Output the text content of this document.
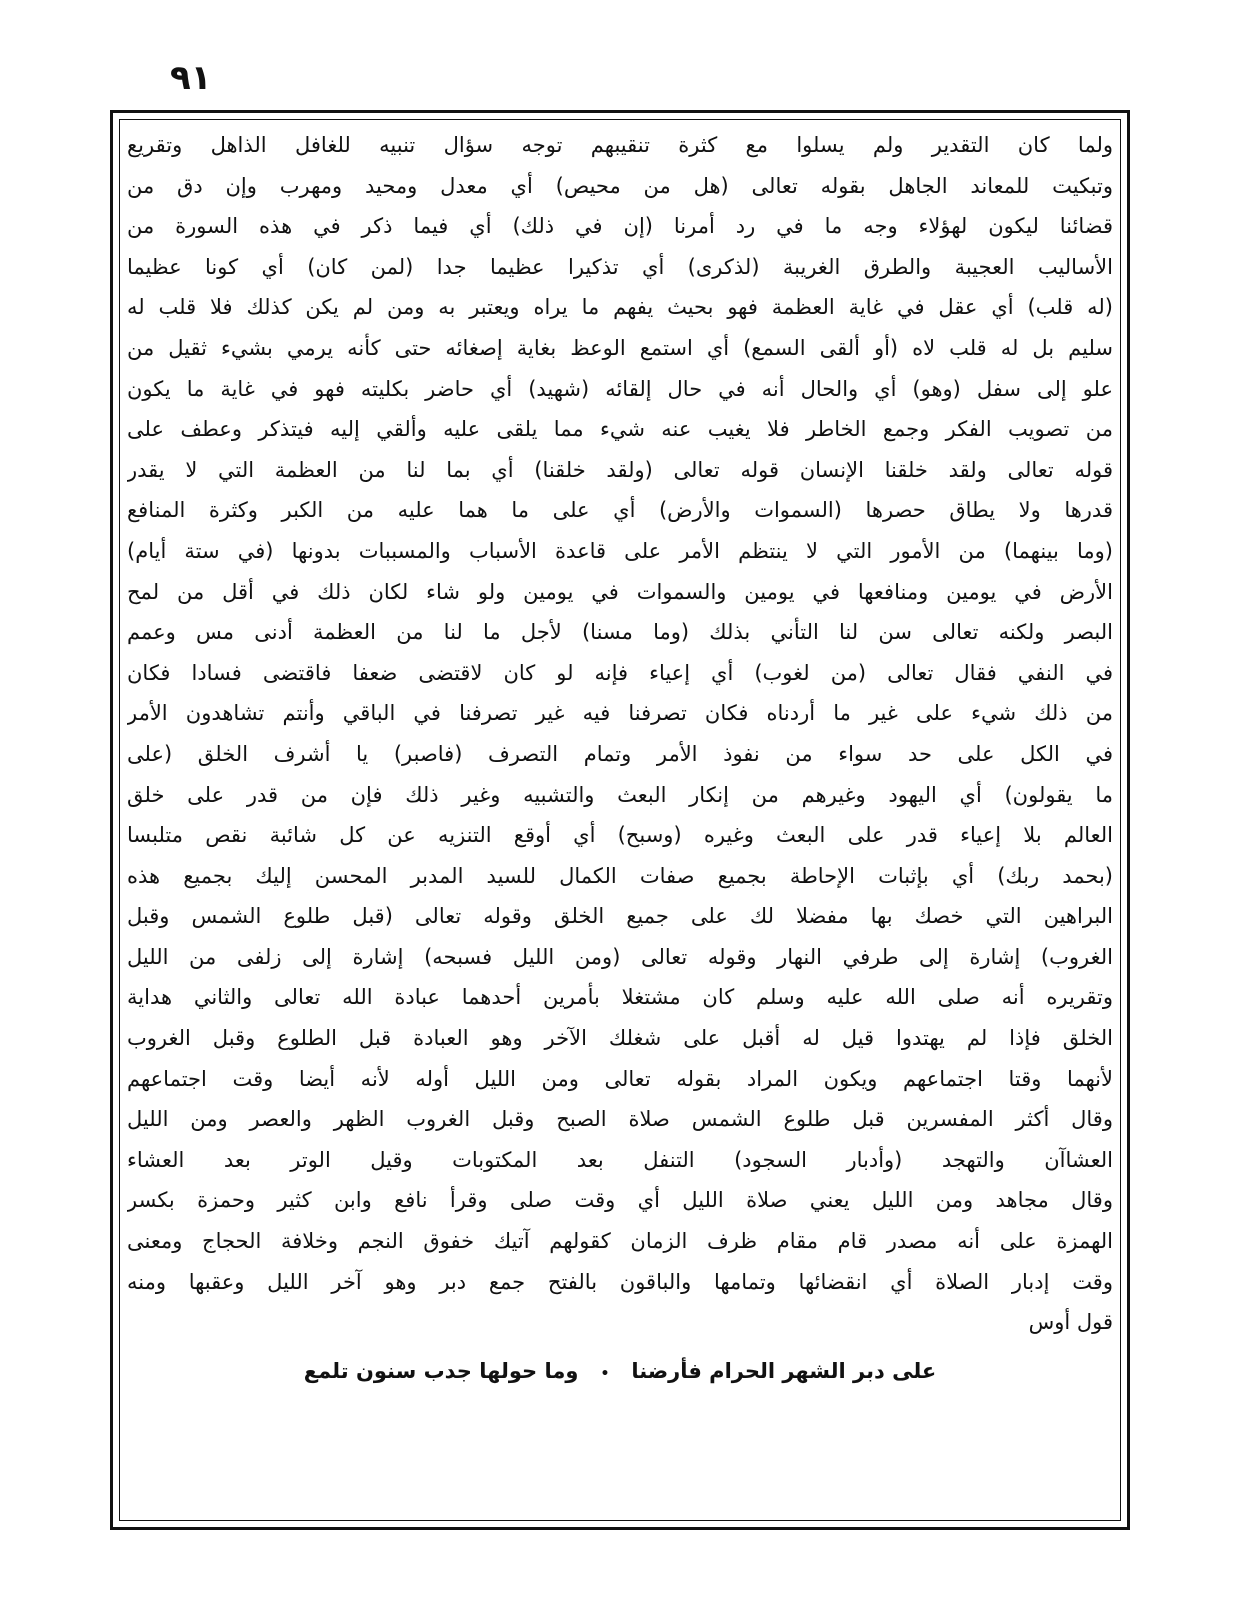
٩١
ولما كان التقدير ولم يسلوا مع كثرة تنقيبهم توجه سؤال تنبيه للغافل الذاهل وتقريع
وتبكيت للمعاند الجاهل بقوله تعالى (هل من محيص) أي معدل ومحيد ومهرب وإن دق من
قضائنا ليكون لهؤلاء وجه ما في رد أمرنا (إن في ذلك) أي فيما ذكر في هذه السورة من
الأساليب العجيبة والطرق الغريبة (لذكرى) أي تذكيرا عظيما جدا (لمن كان) أي كونا عظيما
(له قلب) أي عقل في غاية العظمة فهو بحيث يفهم ما يراه ويعتبر به ومن لم يكن كذلك فلا قلب له
سليم بل له قلب لاه (أو ألقى السمع) أي استمع الوعظ بغاية إصغائه حتى كأنه يرمي بشيء ثقيل من
علو إلى سفل (وهو) أي والحال أنه في حال إلقائه (شهيد) أي حاضر بكليته فهو في غاية ما يكون
من تصويب الفكر وجمع الخاطر فلا يغيب عنه شيء مما يلقى عليه وألقي إليه فيتذكر وعطف على
قوله تعالى ولقد خلقنا الإنسان قوله تعالى (ولقد خلقنا) أي بما لنا من العظمة التي لا يقدر
قدرها ولا يطاق حصرها (السموات والأرض) أي على ما هما عليه من الكبر وكثرة المنافع
(وما بينهما) من الأمور التي لا ينتظم الأمر على قاعدة الأسباب والمسببات بدونها (في ستة أيام)
الأرض في يومين ومنافعها في يومين والسموات في يومين ولو شاء لكان ذلك في أقل من لمح
البصر ولكنه تعالى سن لنا التأني بذلك (وما مسنا) لأجل ما لنا من العظمة أدنى مس وعمم
في النفي فقال تعالى (من لغوب) أي إعياء فإنه لو كان لاقتضى ضعفا فاقتضى فسادا فكان
من ذلك شيء على غير ما أردناه فكان تصرفنا فيه غير تصرفنا في الباقي وأنتم تشاهدون الأمر
في الكل على حد سواء من نفوذ الأمر وتمام التصرف (فاصبر) يا أشرف الخلق (على
ما يقولون) أي اليهود وغيرهم من إنكار البعث والتشبيه وغير ذلك فإن من قدر على خلق
العالم بلا إعياء قدر على البعث وغيره (وسبح) أي أوقع التنزيه عن كل شائبة نقص متلبسا
(بحمد ربك) أي بإثبات الإحاطة بجميع صفات الكمال للسيد المدبر المحسن إليك بجميع هذه
البراهين التي خصك بها مفضلا لك على جميع الخلق وقوله تعالى (قبل طلوع الشمس وقبل
الغروب) إشارة إلى طرفي النهار وقوله تعالى (ومن الليل فسبحه) إشارة إلى زلفى من الليل
وتقريره أنه صلى الله عليه وسلم كان مشتغلا بأمرين أحدهما عبادة الله تعالى والثاني هداية
الخلق فإذا لم يهتدوا قيل له أقبل على شغلك الآخر وهو العبادة قبل الطلوع وقبل الغروب
لأنهما وقتا اجتماعهم ويكون المراد بقوله تعالى ومن الليل أوله لأنه أيضا وقت اجتماعهم
وقال أكثر المفسرين قبل طلوع الشمس صلاة الصبح وقبل الغروب الظهر والعصر ومن الليل
العشاآن والتهجد (وأدبار السجود) التنفل بعد المكتوبات وقيل الوتر بعد العشاء
وقال مجاهد ومن الليل يعني صلاة الليل أي وقت صلى وقرأ نافع وابن كثير وحمزة بكسر
الهمزة على أنه مصدر قام مقام ظرف الزمان كقولهم آتيك خفوق النجم وخلافة الحجاج ومعنى
وقت إدبار الصلاة أي انقضائها وتمامها والباقون بالفتح جمع دبر وهو آخر الليل وعقبها ومنه
قول أوس
على دبر الشهر الحرام فأرضنا•وما حولها جدب سنون تلمع
